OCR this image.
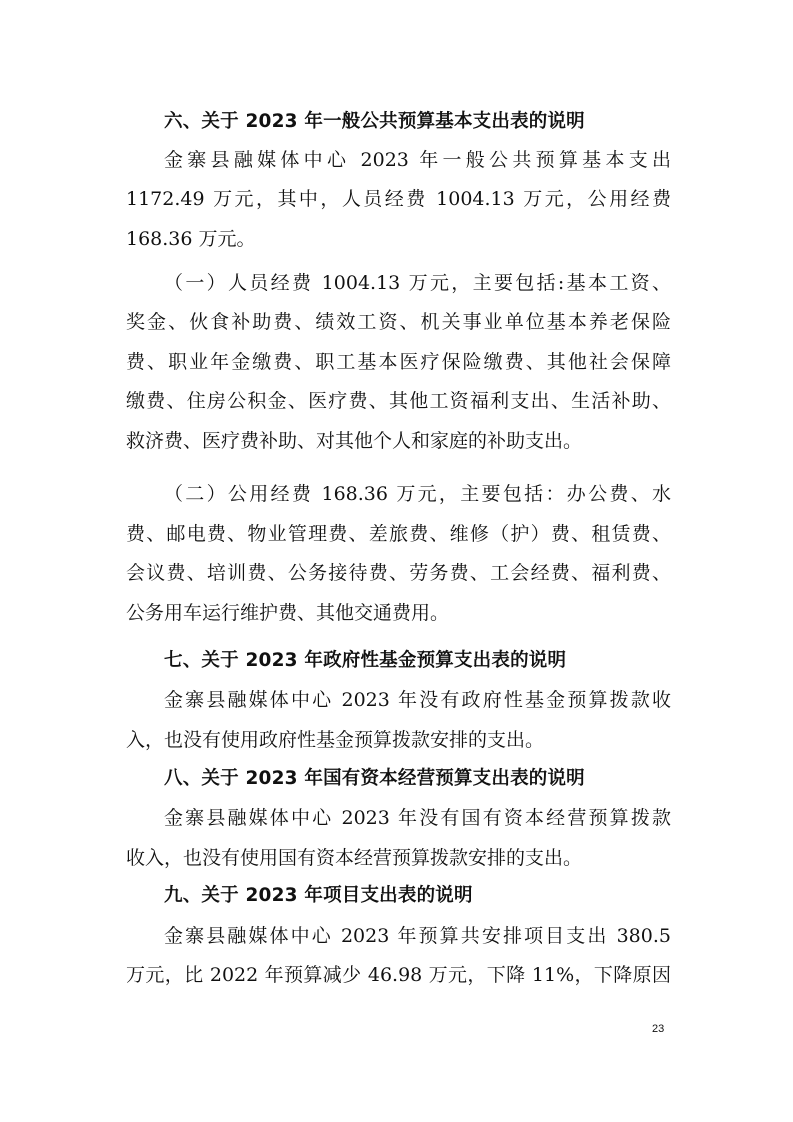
六、关于 2023 年一般公共预算基本支出表的说明
金寨县融媒体中心 2023 年一般公共预算基本支出
1172.49 万元，其中，人员经费 1004.13 万元，公用经费
168.36 万元。
（一）人员经费 1004.13 万元，主要包括:基本工资、
奖金、伙食补助费、绩效工资、机关事业单位基本养老保险
费、职业年金缴费、职工基本医疗保险缴费、其他社会保障
缴费、住房公积金、医疗费、其他工资福利支出、生活补助、
救济费、医疗费补助、对其他个人和家庭的补助支出。
（二）公用经费 168.36 万元，主要包括：办公费、水
费、邮电费、物业管理费、差旅费、维修（护）费、租赁费、
会议费、培训费、公务接待费、劳务费、工会经费、福利费、
公务用车运行维护费、其他交通费用。
七、关于 2023 年政府性基金预算支出表的说明
金寨县融媒体中心 2023 年没有政府性基金预算拨款收
入，也没有使用政府性基金预算拨款安排的支出。
八、关于 2023 年国有资本经营预算支出表的说明
金寨县融媒体中心 2023 年没有国有资本经营预算拨款
收入，也没有使用国有资本经营预算拨款安排的支出。
九、关于 2023 年项目支出表的说明
金寨县融媒体中心 2023 年预算共安排项目支出 380.5
万元，比 2022 年预算减少 46.98 万元，下降 11%，下降原因
23
